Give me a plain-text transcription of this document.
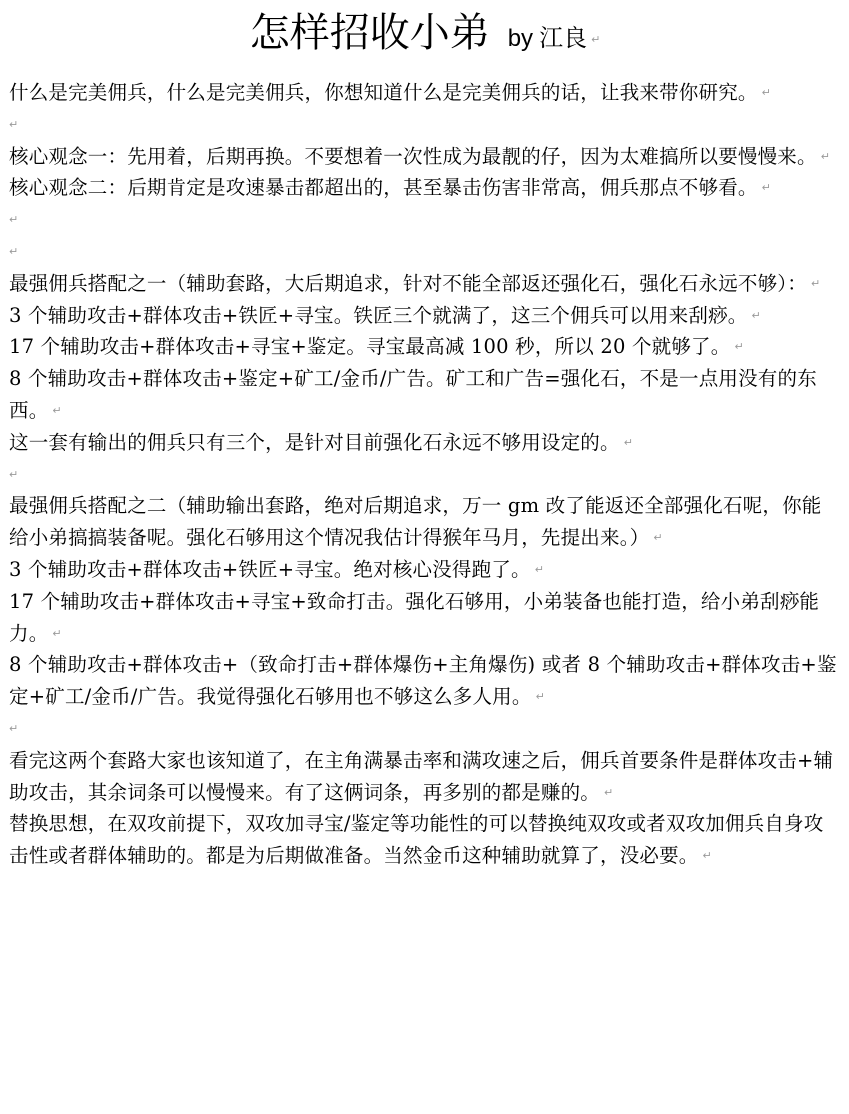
怎样招收小弟 by 江良 ↵

什么是完美佣兵，什么是完美佣兵，你想知道什么是完美佣兵的话，让我来带你研究。 ↵

↵

核心观念一：先用着，后期再换。不要想着一次性成为最靓的仔，因为太难搞所以要慢慢来。 ↵

核心观念二：后期肯定是攻速暴击都超出的，甚至暴击伤害非常高，佣兵那点不够看。 ↵

↵

↵

最强佣兵搭配之一（辅助套路，大后期追求，针对不能全部返还强化石，强化石永远不够）： ↵

3 个辅助攻击+群体攻击+铁匠+寻宝。铁匠三个就满了，这三个佣兵可以用来刮痧。 ↵

17 个辅助攻击+群体攻击+寻宝+鉴定。寻宝最高减 100 秒，所以 20 个就够了。 ↵

8 个辅助攻击+群体攻击+鉴定+矿工/金币/广告。矿工和广告=强化石，不是一点用没有的东西。 ↵

这一套有输出的佣兵只有三个，是针对目前强化石永远不够用设定的。 ↵

↵

最强佣兵搭配之二（辅助输出套路，绝对后期追求，万一 gm 改了能返还全部强化石呢，你能给小弟搞搞装备呢。强化石够用这个情况我估计得猴年马月，先提出来。） ↵

3 个辅助攻击+群体攻击+铁匠+寻宝。绝对核心没得跑了。 ↵

17 个辅助攻击+群体攻击+寻宝+致命打击。强化石够用，小弟装备也能打造，给小弟刮痧能力。 ↵

8 个辅助攻击+群体攻击+（致命打击+群体爆伤+主角爆伤) 或者 8 个辅助攻击+群体攻击+鉴定+矿工/金币/广告。我觉得强化石够用也不够这么多人用。 ↵

↵

看完这两个套路大家也该知道了，在主角满暴击率和满攻速之后，佣兵首要条件是群体攻击+辅助攻击，其余词条可以慢慢来。有了这俩词条，再多别的都是赚的。 ↵

替换思想，在双攻前提下，双攻加寻宝/鉴定等功能性的可以替换纯双攻或者双攻加佣兵自身攻击性或者群体辅助的。都是为后期做准备。当然金币这种辅助就算了，没必要。 ↵
